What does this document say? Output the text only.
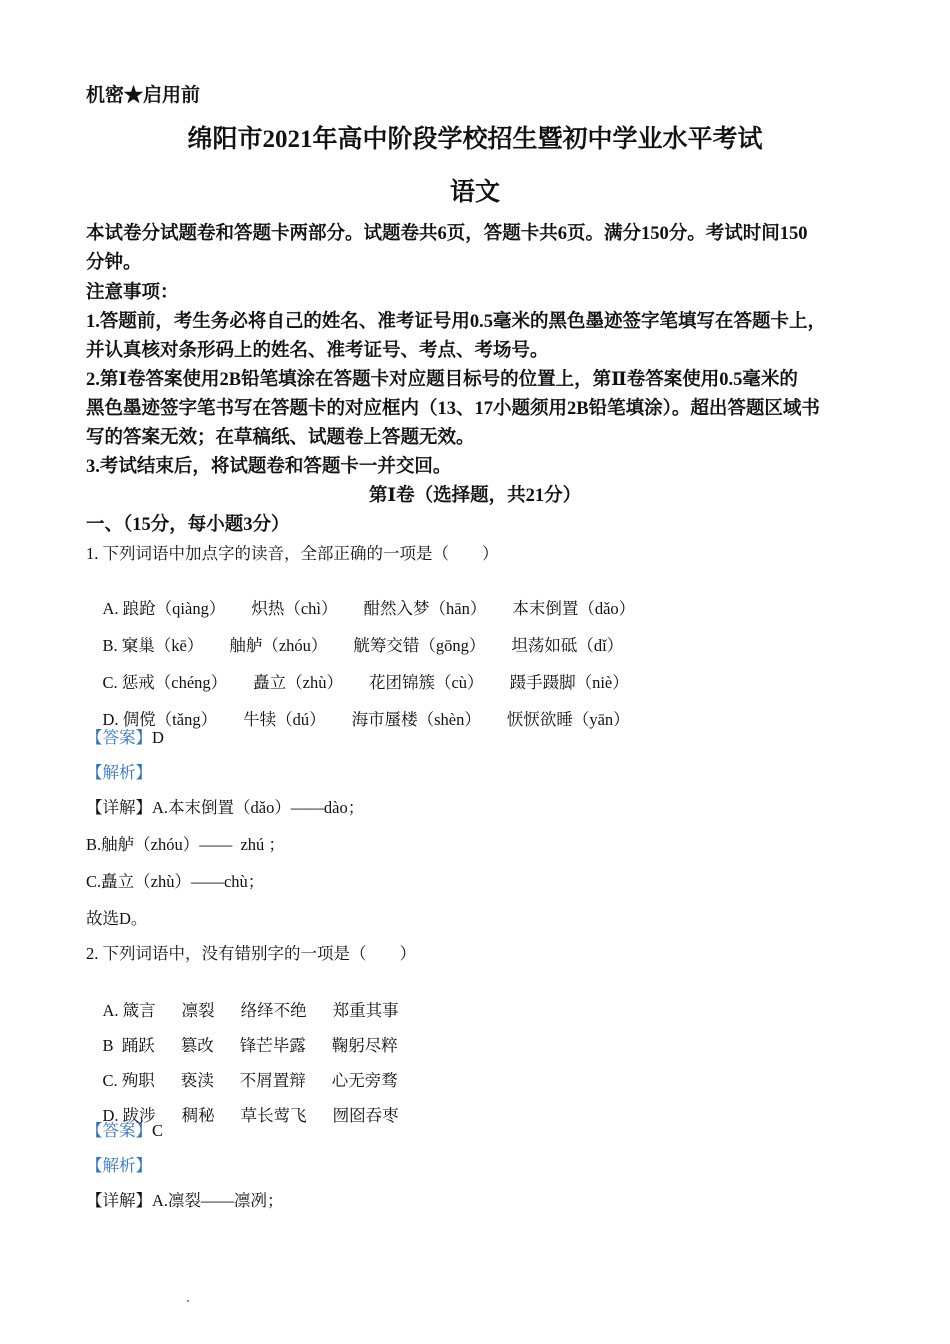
机密★启用前
绵阳市2021年高中阶段学校招生暨初中学业水平考试
语文
本试卷分试题卷和答题卡两部分。试题卷共6页，答题卡共6页。满分150分。考试时间150
分钟。
注意事项：
1.答题前，考生务必将自己的姓名、准考证号用0.5毫米的黑色墨迹签字笔填写在答题卡上，
并认真核对条形码上的姓名、准考证号、考点、考场号。
2.第Ⅰ卷答案使用2B铅笔填涂在答题卡对应题目标号的位置上，第Ⅱ卷答案使用0.5毫米的
黑色墨迹签字笔书写在答题卡的对应框内（13、17小题须用2B铅笔填涂）。超出答题区域书
写的答案无效；在草稿纸、试题卷上答题无效。
3.考试结束后，将试题卷和答题卡一并交回。
第Ⅰ卷（选择题，共21分）
一、（15分，每小题3分）
1. 下列词语中加点字的读音，全部正确的一项是（　　）

A. 踉跄（qiàng） 炽热（chì） 酣然入梦（hān） 本末倒置（dǎo）

B. 窠巢（kē） 舳舻（zhóu） 觥筹交错（gōng） 坦荡如砥（dǐ）

C. 惩戒（chéng） 矗立（zhù） 花团锦簇（cù） 蹑手蹑脚（niè）

D. 倜傥（tǎng） 牛犊（dú） 海市蜃楼（shèn） 恹恹欲睡（yān）

【答案】D
【解析】
【详解】A.本末倒置（dǎo）——dào；
B.舳舻（zhóu）——  zhú ；
C.矗立（zhù）——chù；
故选D。
2. 下列词语中，没有错别字的一项是（　　）

A. 箴言 凛裂 络绎不绝 郑重其事

B  踊跃 篡改 锋芒毕露 鞠躬尽粹

C. 殉职 亵渎 不屑置辩 心无旁骛

D. 跋涉 稠秘 草长莺飞 囫囵吞枣

【答案】C
【解析】
【详解】A.凛裂——凛冽；
